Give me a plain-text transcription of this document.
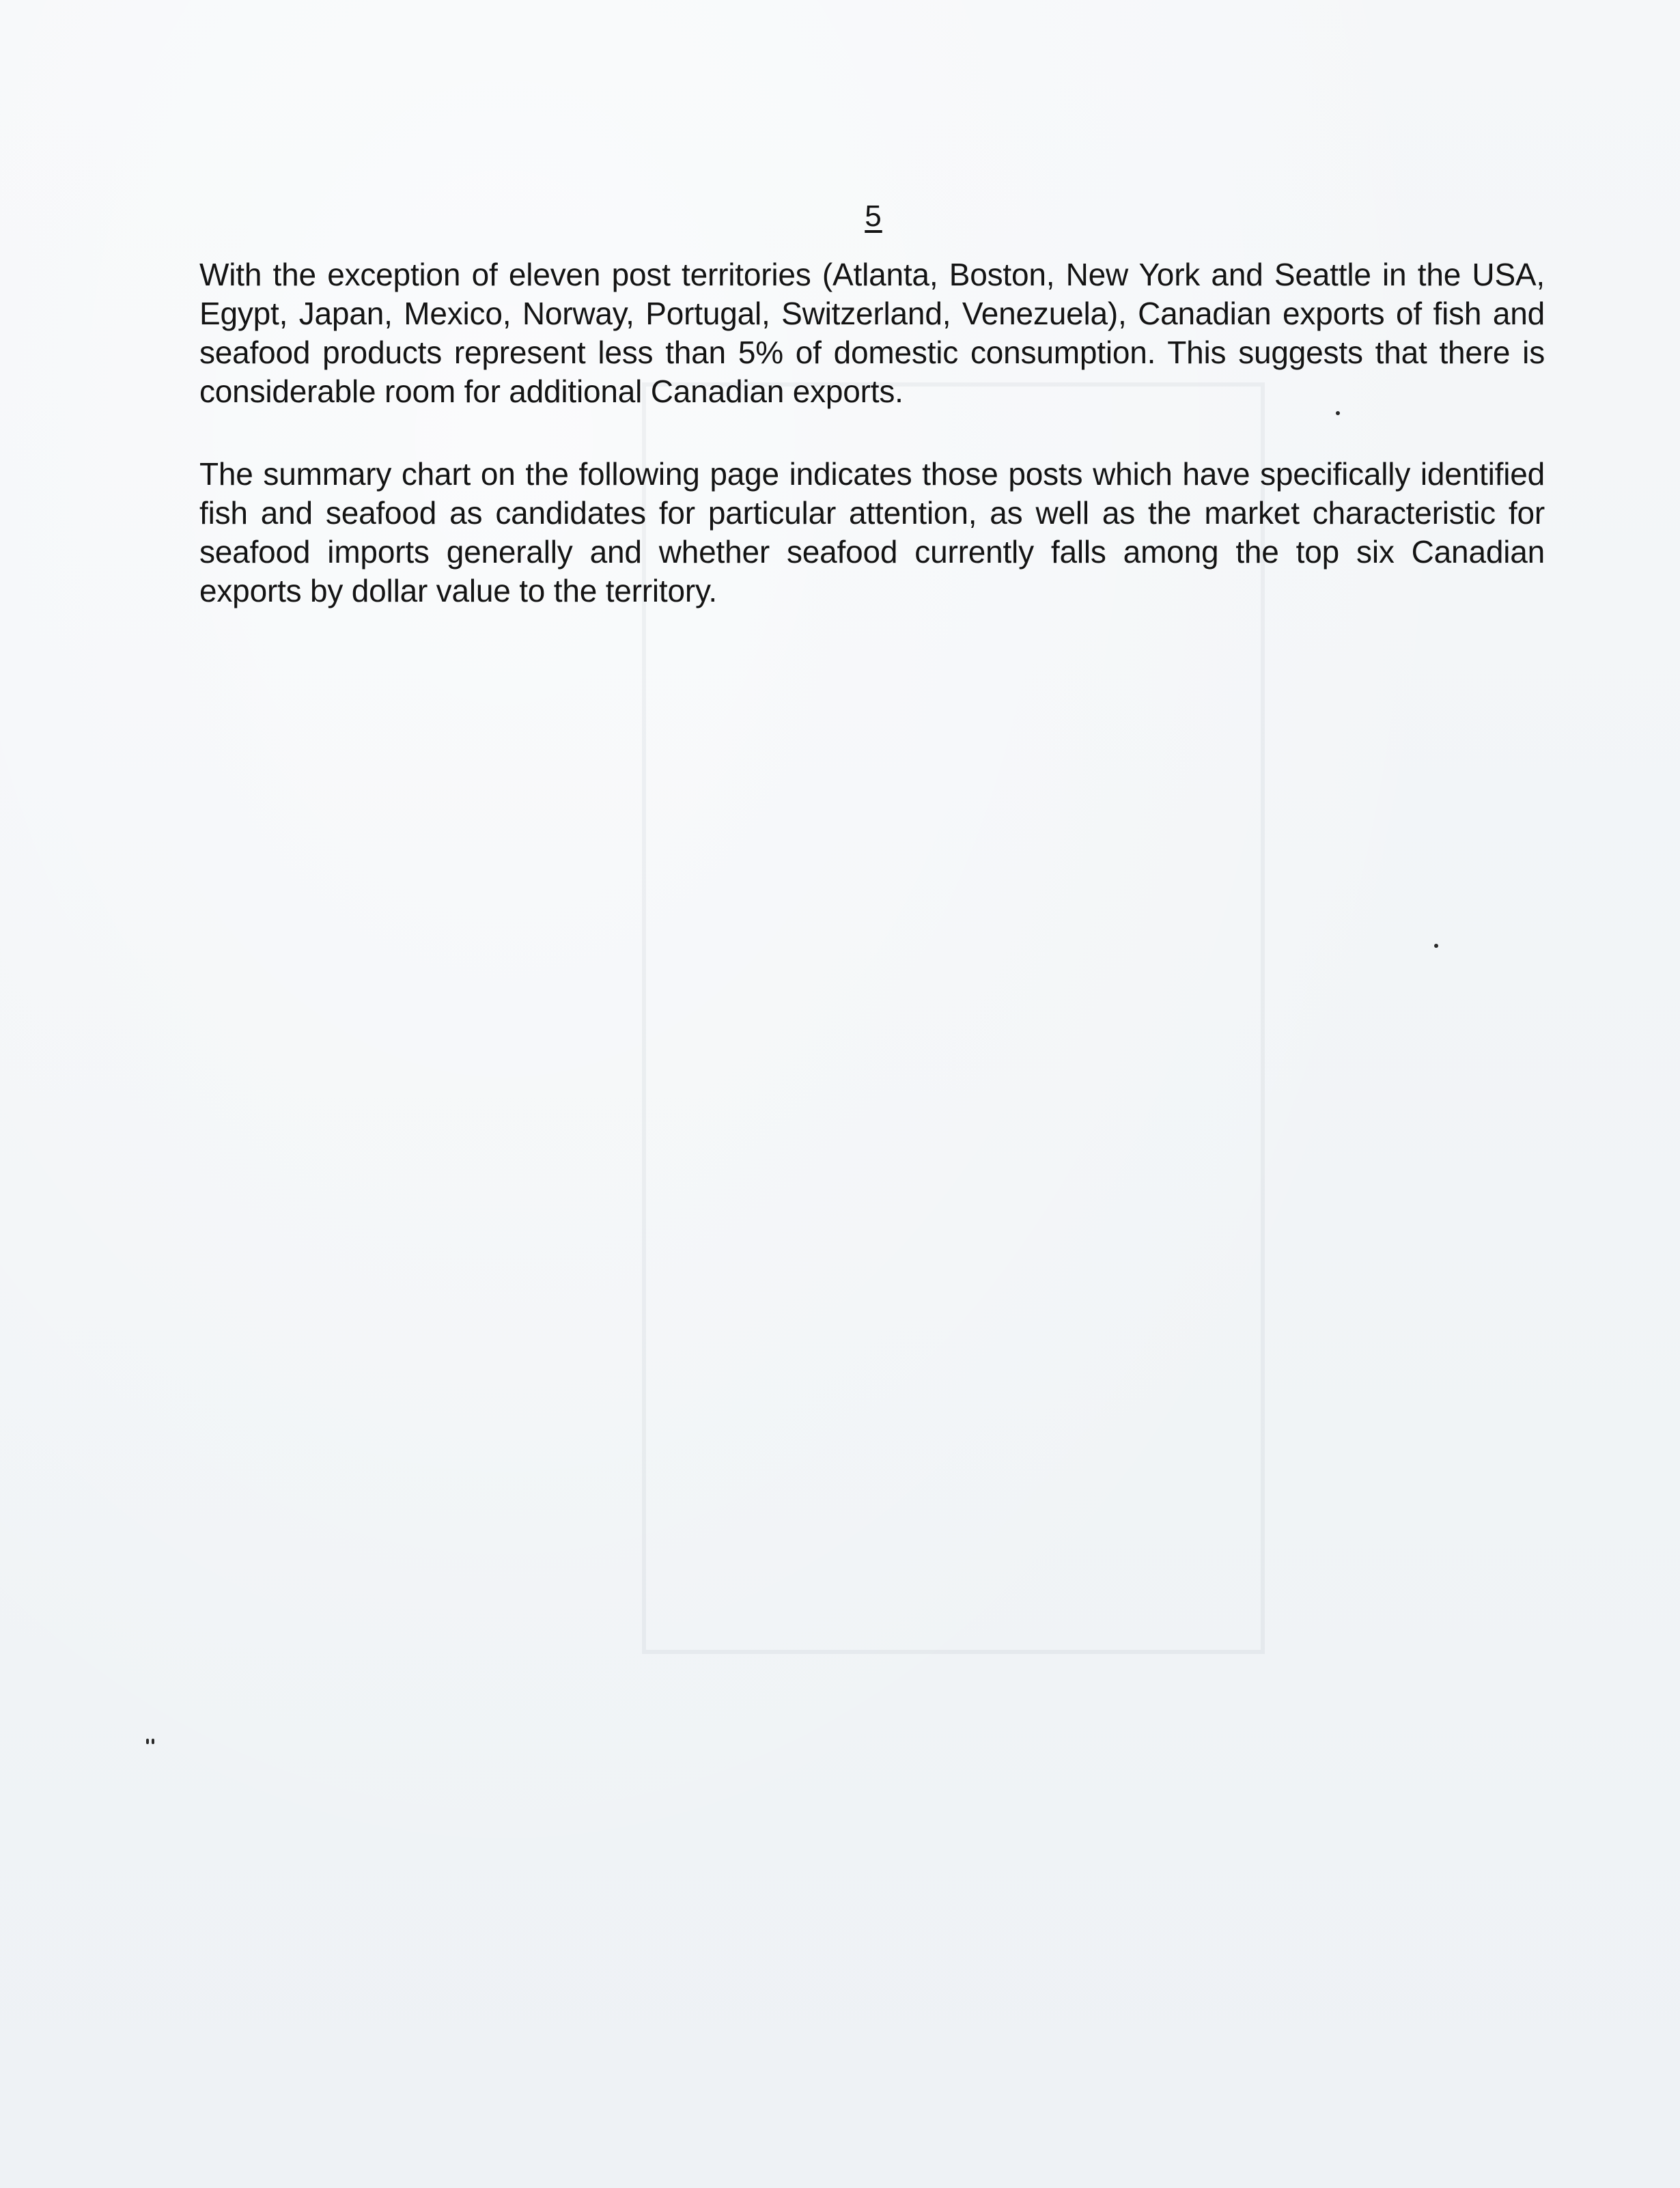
5

With the exception of eleven post territories (Atlanta, Boston, New York and Seattle in the USA, Egypt, Japan, Mexico, Norway, Portugal, Switzerland, Venezuela), Canadian exports of fish and seafood products represent less than 5% of domestic consumption. This suggests that there is considerable room for additional Canadian exports.

The summary chart on the following page indicates those posts which have specifically identified fish and seafood as candidates for particular attention, as well as the market characteristic for seafood imports generally and whether seafood currently falls among the top six Canadian exports by dollar value to the territory.
